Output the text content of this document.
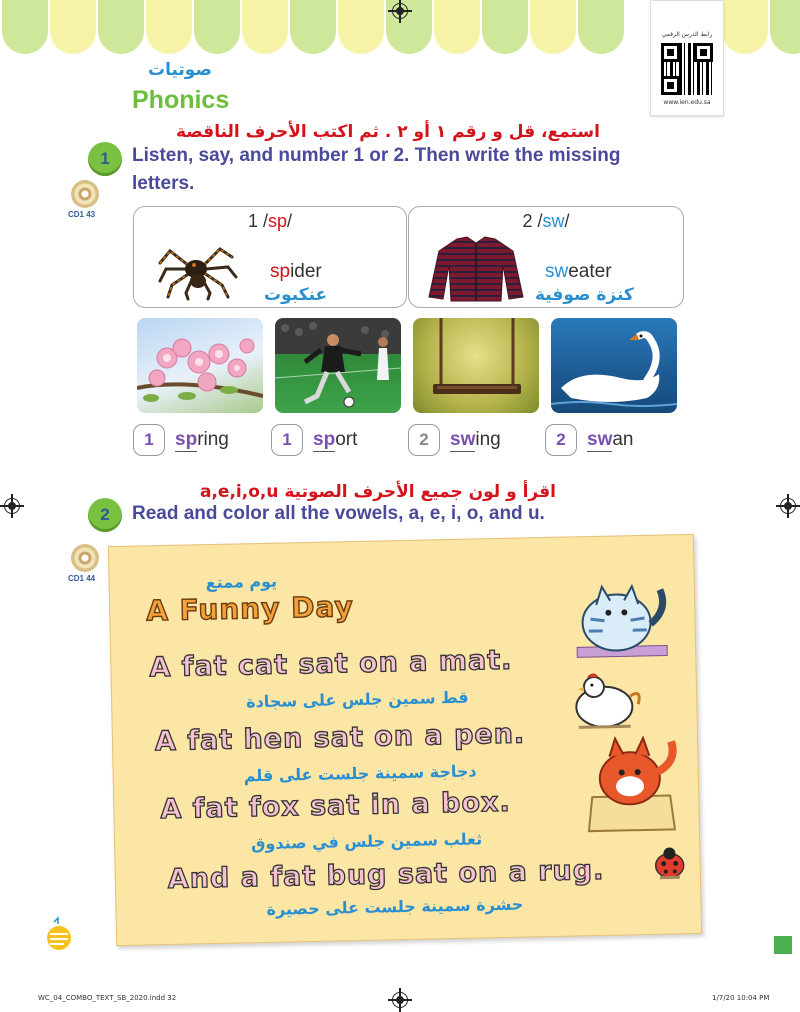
رابط الدرس الرقمي
www.ien.edu.sa
صوتيات
Phonics
استمع، قل و رقم ١ أو ٢ . ثم اكتب الأحرف الناقصة
1	Listen, say, and number 1 or 2. Then write the missing letters.
CD1 43	1 /sp/
spider
عنكبوت
2 /sw/
sweater
كنزة صوفية
1 spring	1 sport	2 swing	2 swan
اقرأ و لون جميع الأحرف الصوتية a,e,i,o,u
2	Read and color all the vowels, a, e, i, o, and u.
CD1 44	يوم ممتع
A Funny Day
A fat cat sat on a mat.
قط سمين جلس على سجادة
A fat hen sat on a pen.
دجاجة سمينة جلست على قلم
A fat fox sat in a box.
ثعلب سمين جلس في صندوق
And a fat bug sat on a rug.
حشرة سمينة جلست على حصيرة
WC_04_COMBO_TEXT_SB_2020.indd 32	1/7/20 10:04 PM
